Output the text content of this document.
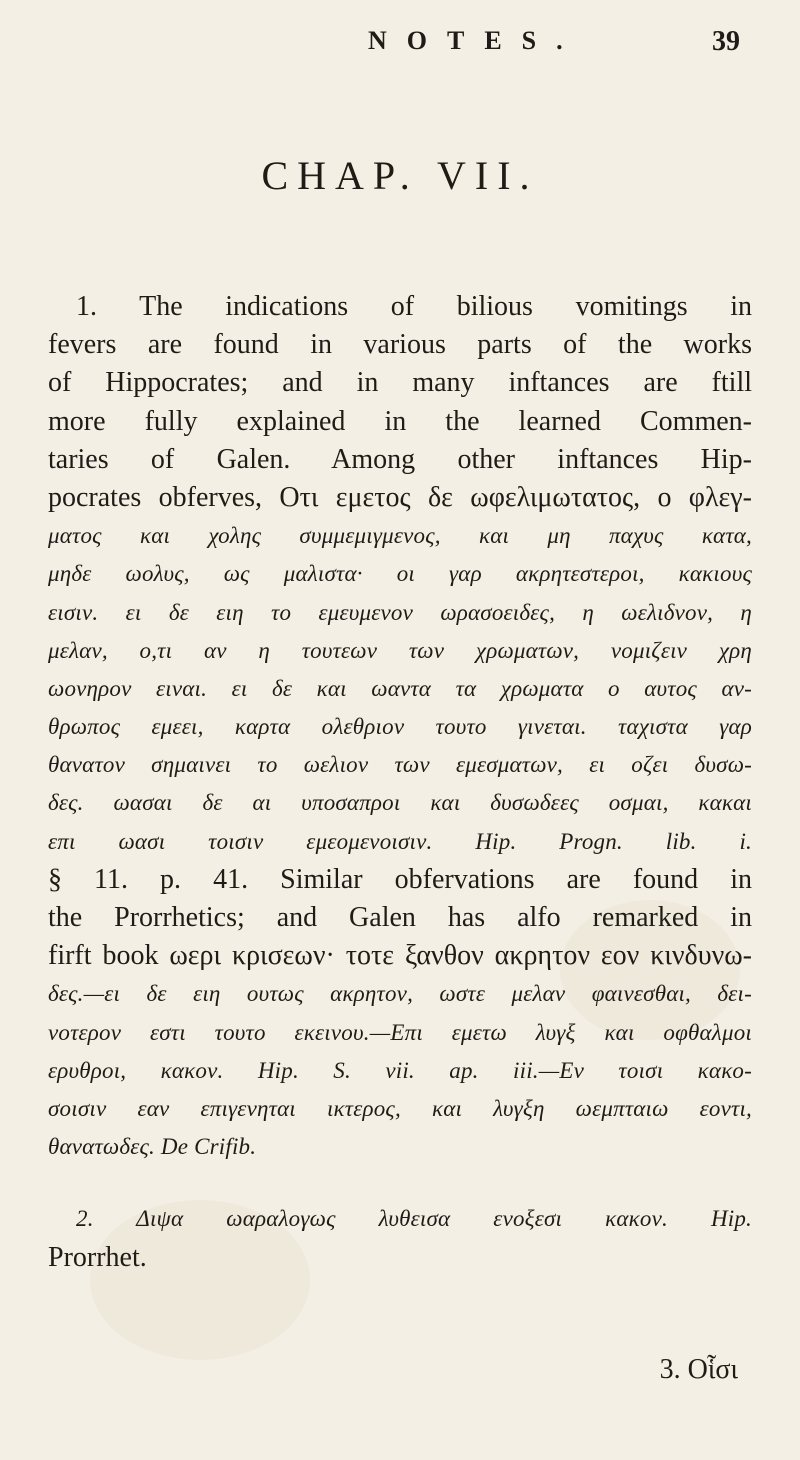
NOTES.	39
CHAP. VII.
1. The indications of bilious vomitings in
fevers are found in various parts of the works
of Hippocrates; and in many inftances are ftill
more fully explained in the learned Commen-
taries of Galen. Among other inftances Hip-
pocrates obferves, Οτι εμετος δε ωφελιμωτατος, ο φλεγ-
ματος και χολης συμμεμιγμενος, και μη παχυς κατα,
μηδε ωολυς, ως μαλιστα· οι γαρ ακρητεστεροι, κακιους
εισιν. ει δε ειη το εμευμενον ωρασοειδες, η ωελιδνον, η
μελαν, ο,τι αν η τουτεων των χρωματων, νομιζειν χρη
ωονηρον ειναι. ει δε και ωαντα τα χρωματα ο αυτος αν-
θρωπος εμεει, καρτα ολεθριον τουτο γινεται. ταχιστα γαρ
θανατον σημαινει το ωελιον των εμεσματων, ει οζει δυσω-
δες. ωασαι δε αι υποσαπροι και δυσωδεες οσμαι, κακαι
επι ωασι τοισιν εμεομενοισιν. Hip. Progn. lib. i.
§ 11. p. 41. Similar obfervations are found in
the Prorrhetics; and Galen has alfo remarked in
firft book ωερι κρισεων· τοτε ξανθον ακρητον εον κινδυνω-
δες.—ει δε ειη ουτως ακρητον, ωστε μελαν φαινεσθαι, δει-
νοτερον εστι τουτο εκεινου.—Επι εμετω λυγξ και οφθαλμοι
ερυθροι, κακον. Hip. S. vii. ap. iii.—Εν τοισι κακο-
σοισιν εαν επιγενηται ικτερος, και λυγξη ωεμπταιω εοντι,
θανατωδες. De Crifib.
2. Διψα ωαραλογως λυθεισα ενοξεσι κακον. Hip.
Prorrhet.
3. Οἷσι
